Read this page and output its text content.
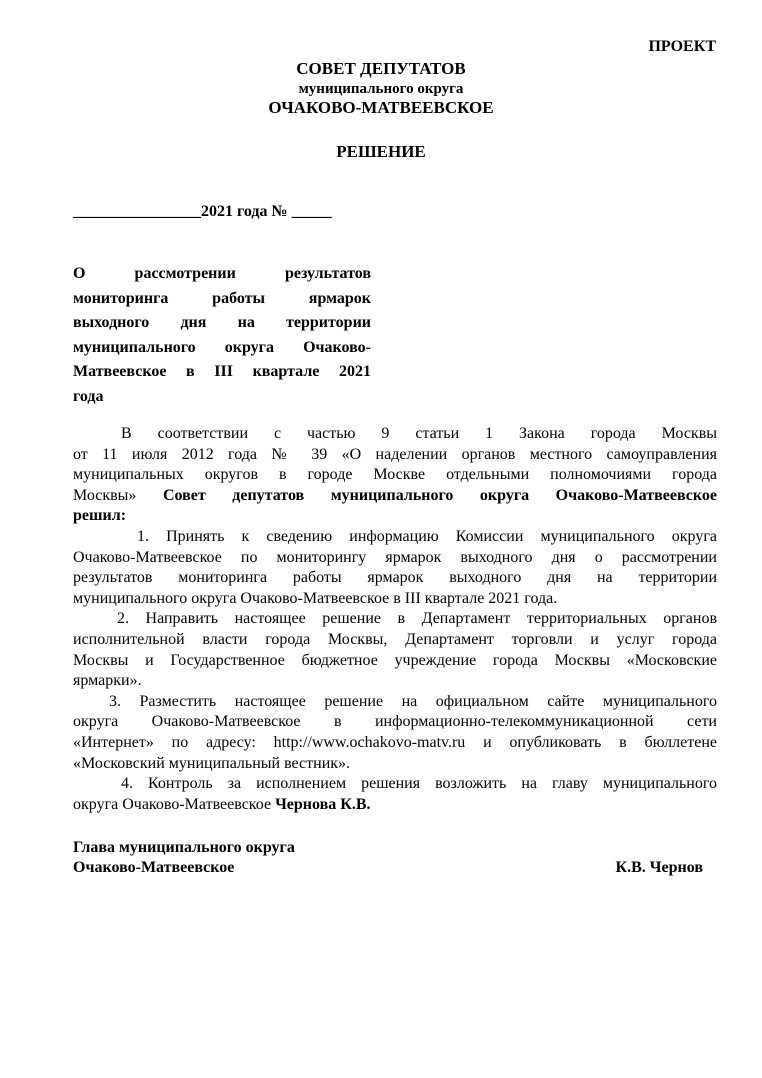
ПРОЕКТ
СОВЕТ ДЕПУТАТОВ
муниципального округа
ОЧАКОВО-МАТВЕЕВСКОЕ
РЕШЕНИЕ
________________2021 года № _____
О рассмотрении результатов
мониторинга работы ярмарок
выходного дня на территории
муниципального округа Очаково-
Матвеевское в III квартале 2021
года
В соответствии с частью 9 статьи 1 Закона города Москвы
от 11 июля 2012 года № 39 «О наделении органов местного самоуправления
муниципальных округов в городе Москве отдельными полномочиями города
Москвы» Совет депутатов муниципального округа Очаково-Матвеевское
решил:
1. Принять к сведению информацию Комиссии муниципального округа
Очаково-Матвеевское по мониторингу ярмарок выходного дня о рассмотрении
результатов мониторинга работы ярмарок выходного дня на территории
муниципального округа Очаково-Матвеевское в III квартале 2021 года.
2. Направить настоящее решение в Департамент территориальных органов
исполнительной власти города Москвы, Департамент торговли и услуг города
Москвы и Государственное бюджетное учреждение города Москвы «Московские
ярмарки».
3. Разместить настоящее решение на официальном сайте муниципального
округа Очаково-Матвеевское в информационно-телекоммуникационной сети
«Интернет» по адресу: http://www.ochakovo-matv.ru и опубликовать в бюллетене
«Московский муниципальный вестник».
4. Контроль за исполнением решения возложить на главу муниципального
округа Очаково-Матвеевское Чернова К.В.
Глава муниципального округа
Очаково-Матвеевское	К.В. Чернов
